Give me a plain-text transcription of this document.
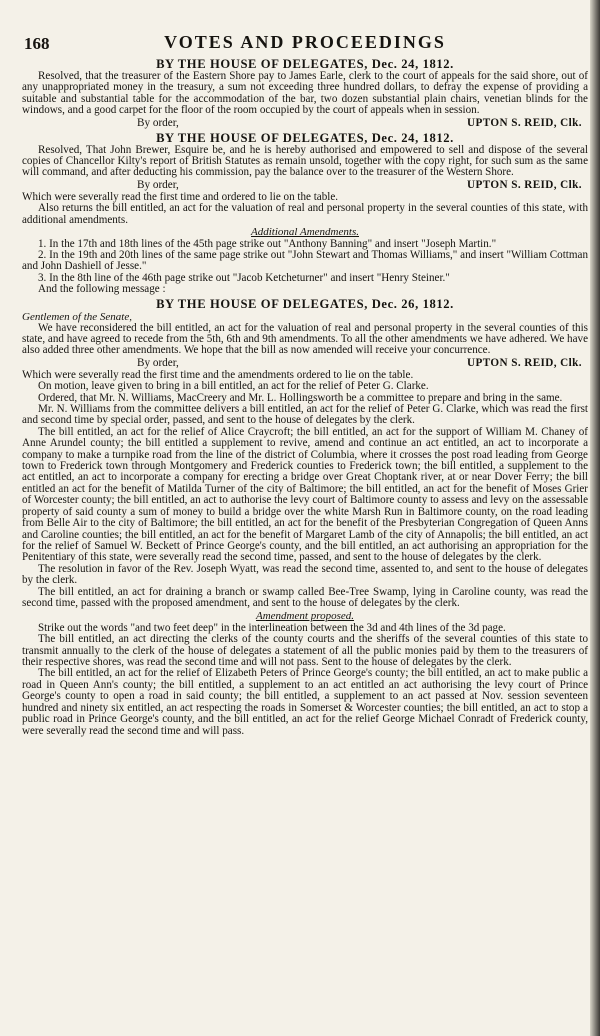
168	VOTES AND PROCEEDINGS
BY THE HOUSE OF DELEGATES, Dec. 24, 1812.

Resolved, that the treasurer of the Eastern Shore pay to James Earle, clerk to the court of appeals for the said shore, out of any unappropriated money in the treasury, a sum not exceeding three hundred dollars, to defray the expense of providing a suitable and substantial table for the accommodation of the bar, two dozen substantial plain chairs, venetian blinds for the windows, and a good carpet for the floor of the room occupied by the court of appeals when in session.

By order,	UPTON S. REID, Clk.
BY THE HOUSE OF DELEGATES, Dec. 24, 1812.

Resolved, That John Brewer, Esquire be, and he is hereby authorised and empowered to sell and dispose of the several copies of Chancellor Kilty's report of British Statutes as remain unsold, together with the copy right, for such sum as the same will command, and after deducting his commission, pay the balance over to the treasurer of the Western Shore.

By order,	UPTON S. REID, Clk.

Which were severally read the first time and ordered to lie on the table.

Also returns the bill entitled, an act for the valuation of real and personal property in the several counties of this state, with additional amendments.

Additional Amendments.

1. In the 17th and 18th lines of the 45th page strike out "Anthony Banning" and insert "Joseph Martin."

2. In the 19th and 20th lines of the same page strike out "John Stewart and Thomas Williams," and insert "William Cottman and John Dashiell of Jesse."

3. In the 8th line of the 46th page strike out "Jacob Ketcheturner" and insert "Henry Steiner."

And the following message :

BY THE HOUSE OF DELEGATES, Dec. 26, 1812.

Gentlemen of the Senate,

We have reconsidered the bill entitled, an act for the valuation of real and personal property in the several counties of this state, and have agreed to recede from the 5th, 6th and 9th amendments. To all the other amendments we have adhered. We have also added three other amendments. We hope that the bill as now amended will receive your concurrence.

By order,	UPTON S. REID, Clk.

Which were severally read the first time and the amendments ordered to lie on the table.

On motion, leave given to bring in a bill entitled, an act for the relief of Peter G. Clarke.

Ordered, that Mr. N. Williams, MacCreery and Mr. L. Hollingsworth be a committee to prepare and bring in the same.

Mr. N. Williams from the committee delivers a bill entitled, an act for the relief of Peter G. Clarke, which was read the first and second time by special order, passed, and sent to the house of delegates by the clerk.

The bill entitled, an act for the relief of Alice Craycroft; the bill entitled, an act for the support of William M. Chaney of Anne Arundel county; the bill entitled a supplement to revive, amend and continue an act entitled, an act to incorporate a company to make a turnpike road from the line of the district of Columbia, where it crosses the post road leading from George town to Frederick town through Montgomery and Frederick counties to Frederick town; the bill entitled, a supplement to the act entitled, an act to incorporate a company for erecting a bridge over Great Choptank river, at or near Dover Ferry; the bill entitled an act for the benefit of Matilda Turner of the city of Baltimore; the bill entitled, an act for the benefit of Moses Grier of Worcester county; the bill entitled, an act to authorise the levy court of Baltimore county to assess and levy on the assessable property of said county a sum of money to build a bridge over the white Marsh Run in Baltimore county, on the road leading from Belle Air to the city of Baltimore; the bill entitled, an act for the benefit of the Presbyterian Congregation of Queen Anns and Caroline counties; the bill entitled, an act for the benefit of Margaret Lamb of the city of Annapolis; the bill entitled, an act for the relief of Samuel W. Beckett of Prince George's county, and the bill entitled, an act authorising an appropriation for the Penitentiary of this state, were severally read the second time, passed, and sent to the house of delegates by the clerk.

The resolution in favor of the Rev. Joseph Wyatt, was read the second time, assented to, and sent to the house of delegates by the clerk.

The bill entitled, an act for draining a branch or swamp called Bee-Tree Swamp, lying in Caroline county, was read the second time, passed with the proposed amendment, and sent to the house of delegates by the clerk.

Amendment proposed.

Strike out the words "and two feet deep" in the interlineation between the 3d and 4th lines of the 3d page.

The bill entitled, an act directing the clerks of the county courts and the sheriffs of the several counties of this state to transmit annually to the clerk of the house of delegates a statement of all the public monies paid by them to the treasurers of their respective shores, was read the second time and will not pass. Sent to the house of delegates by the clerk.

The bill entitled, an act for the relief of Elizabeth Peters of Prince George's county; the bill entitled, an act to make public a road in Queen Ann's county; the bill entitled, a supplement to an act entitled an act authorising the levy court of Prince George's county to open a road in said county; the bill entitled, a supplement to an act passed at Nov. session seventeen hundred and ninety six entitled, an act respecting the roads in Somerset & Worcester counties; the bill entitled, an act to stop a public road in Prince George's county, and the bill entitled, an act for the relief George Michael Conradt of Frederick county, were severally read the second time and will pass.
